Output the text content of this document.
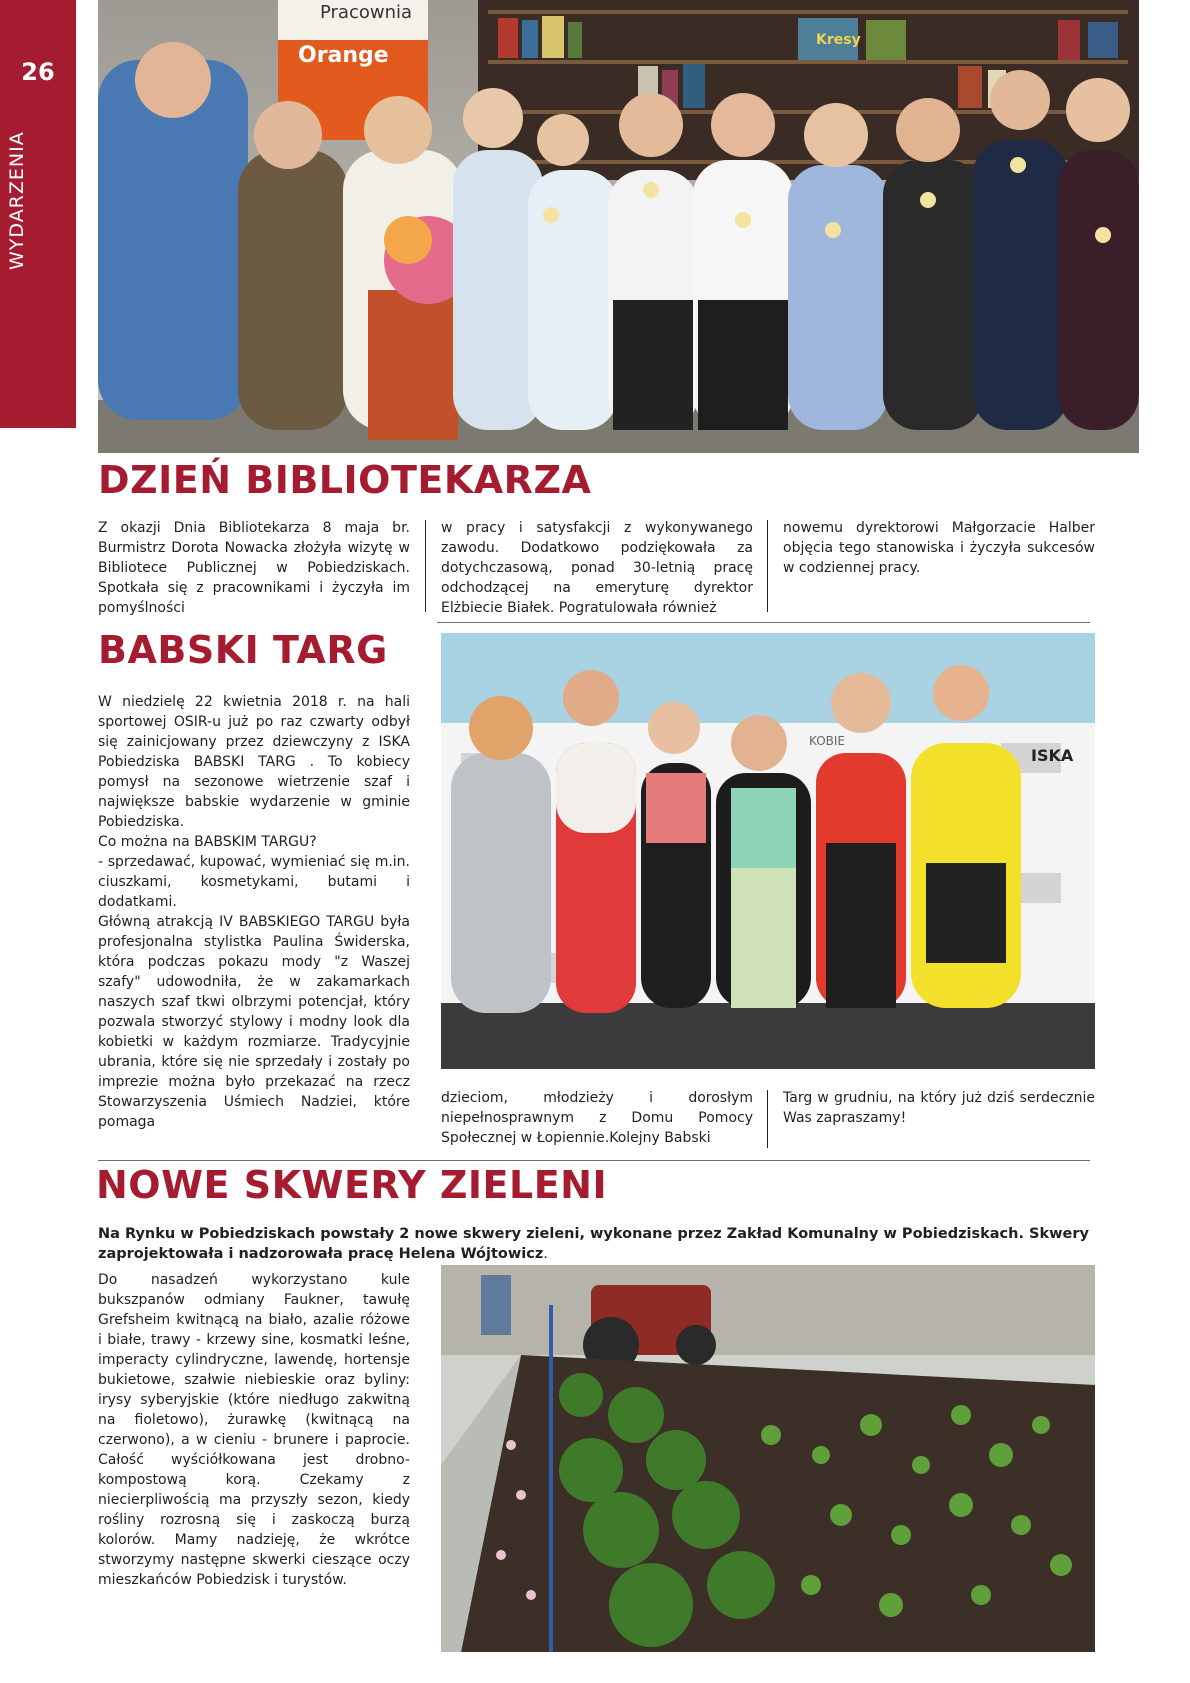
26
WYDARZENIA
Pracownia
Orange
Kresy
DZIEŃ BIBLIOTEKARZA
Z okazji Dnia Bibliotekarza 8 maja br. Burmistrz Dorota Nowacka złożyła wizytę w Bibliotece Publicznej w Pobiedziskach. Spotkała się z pracownikami i życzyła im pomyślności
w pracy i satysfakcji z wykonywanego zawodu. Dodatkowo podziękowała za dotychczasową, ponad 30-letnią pracę odchodzącej na emeryturę dyrektor Elżbiecie Białek. Pogratulowała również
nowemu dyrektorowi Małgorzacie Halber objęcia tego stanowiska i życzyła sukcesów w codziennej pracy.
BABSKI TARG

W niedzielę 22 kwietnia 2018 r. na hali sportowej OSIR-u już po raz czwarty odbył się zainicjowany przez dziewczyny z ISKA Pobiedziska BABSKI TARG . To kobiecy pomysł na sezonowe wietrzenie szaf i największe babskie wydarzenie w gminie Pobiedziska.

Co można na BABSKIM TARGU?

- sprzedawać, kupować, wymieniać się m.in. ciuszkami, kosmetykami, butami i dodatkami.

Główną atrakcją IV BABSKIEGO TARGU była profesjonalna stylistka Paulina Świderska, która podczas pokazu mody "z Waszej szafy" udowodniła, że w zakamarkach naszych szaf tkwi olbrzymi potencjał, który pozwala stworzyć stylowy i modny look dla kobietki w każdym rozmiarze. Tradycyjnie ubrania, które się nie sprzedały i zostały po imprezie można było przekazać na rzecz Stowarzyszenia Uśmiech Nadziei, które pomaga

ISKA
KOBIE
dzieciom, młodzieży i dorosłym niepełnosprawnym z Domu Pomocy Społecznej w Łopiennie.Kolejny Babski
Targ w grudniu, na który już dziś serdecznie Was zapraszamy!
NOWE SKWERY ZIELENI
Na Rynku w Pobiedziskach powstały 2 nowe skwery zieleni, wykonane przez Zakład Komunalny w Pobiedziskach. Skwery zaprojektowała i nadzorowała pracę Helena Wójtowicz.
Do nasadzeń wykorzystano kule bukszpanów odmiany Faukner, tawułę Grefsheim kwitnącą na biało, azalie różowe i białe, trawy - krzewy sine, kosmatki leśne, imperacty cylindryczne, lawendę, hortensje bukietowe, szałwie niebieskie oraz byliny: irysy syberyjskie (które niedługo zakwitną na fioletowo), żurawkę (kwitnącą na czerwono), a w cieniu - brunere i paprocie. Całość wyściółkowana jest drobno-kompostową korą. Czekamy z niecierpliwością ma przyszły sezon, kiedy rośliny rozrosną się i zaskoczą burzą kolorów. Mamy nadzieję, że wkrótce stworzymy następne skwerki cieszące oczy mieszkańców Pobiedzisk i turystów.
